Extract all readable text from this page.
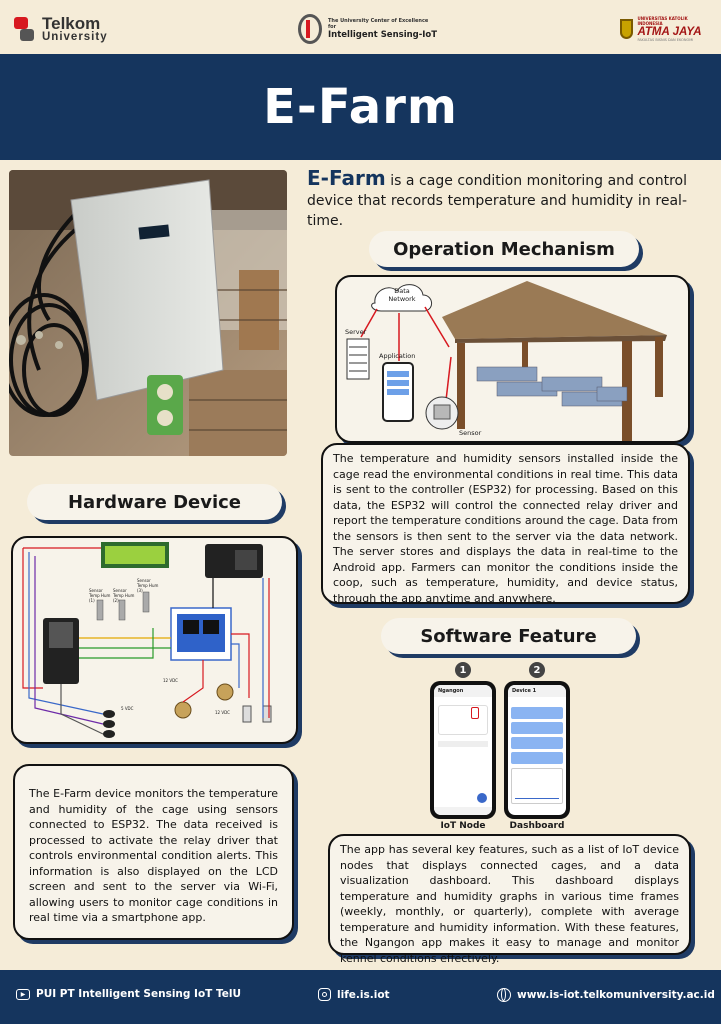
Telkom
University
The University Center of Excellence for
Intelligent Sensing-IoT
UNIVERSITAS KATOLIK INDONESIA
ATMA JAYA
FAKULTAS BISNIS DAN EKONOMI
E-Farm
E-Farm is a cage condition monitoring and control device that records temperature and humidity in real-time.
Operation Mechanism
Data Network
Server
Application
Sensor
The temperature and humidity sensors installed inside the cage read the environmental conditions in real time. This data is sent to the controller (ESP32) for processing. Based on this data, the ESP32 will control the connected relay driver and report the temperature conditions around the cage. Data from the sensors is then sent to the server via the data network. The server stores and displays the data in real-time to the Android app. Farmers can monitor the conditions inside the coop, such as temperature, humidity, and device status, through the app anytime and anywhere.
Hardware Device
Sensor Temp Hum (1)
Sensor Temp Hum (2)
Sensor Temp Hum (3)
12 VDC
12 VDC
5 VDC
The E-Farm device monitors the temperature and humidity of the cage using sensors connected to ESP32. The data received is processed to activate the relay driver that controls environmental condition alerts. This information is also displayed on the LCD screen and sent to the server via Wi-Fi, allowing users to monitor cage conditions in real time via a smartphone app.
Software Feature
1	2
Ngangon
IoT Node
Device 1
Dashboard
The app has several key features, such as a list of IoT device nodes that displays connected cages, and a data visualization dashboard. This dashboard displays temperature and humidity graphs in various time frames (weekly, monthly, or quarterly), complete with average temperature and humidity information. With these features, the Ngangon app makes it easy to manage and monitor kennel conditions effectively.
▶	PUI PT Intelligent Sensing IoT TelU	life.is.iot	www.is-iot.telkomuniversity.ac.id
